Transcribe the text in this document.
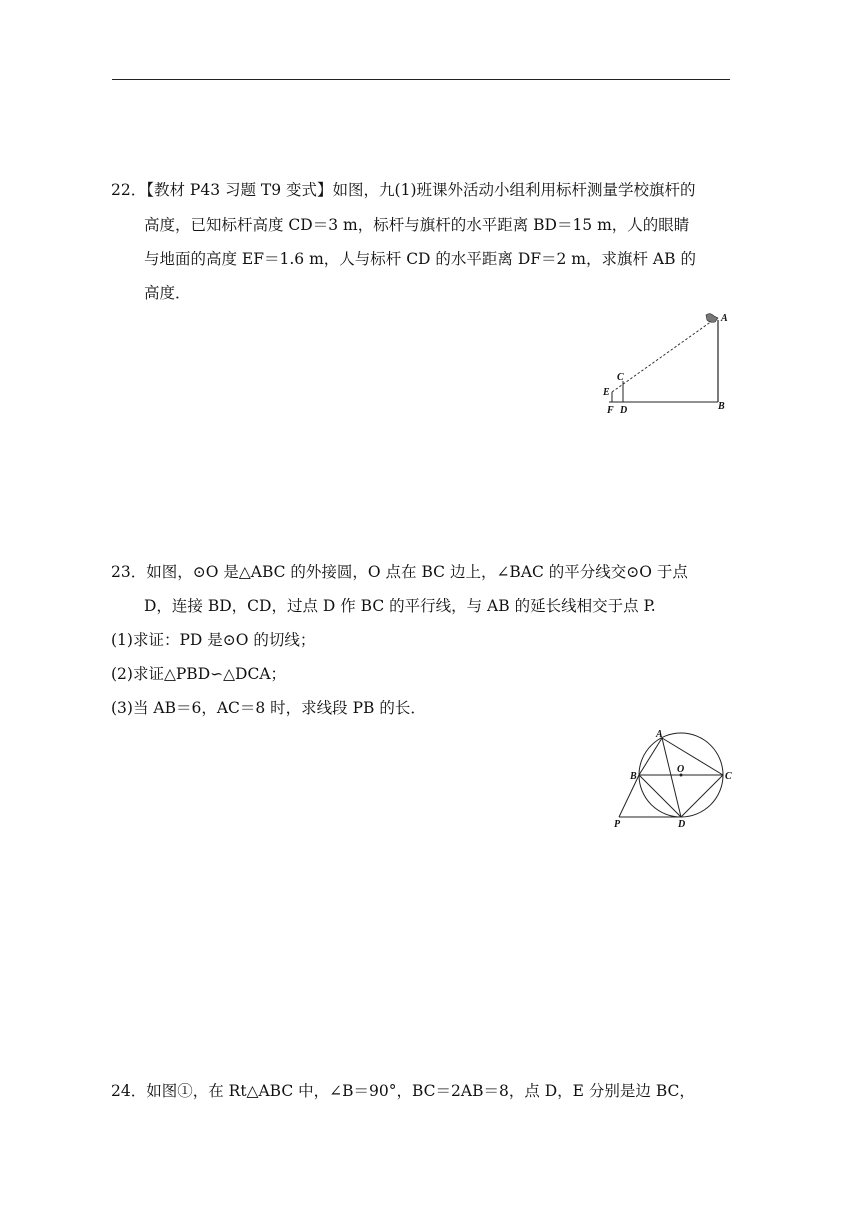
22．【教材 P43 习题 T9 变式】如图，九(1)班课外活动小组利用标杆测量学校旗杆的
高度，已知标杆高度 CD＝3 m，标杆与旗杆的水平距离 BD＝15 m，人的眼睛
与地面的高度 EF＝1.6 m，人与标杆 CD 的水平距离 DF＝2 m，求旗杆 AB 的
高度．
A
C
E
F D	B
23．如图，⊙O 是△ABC 的外接圆，O 点在 BC 边上，∠BAC 的平分线交⊙O 于点
D，连接 BD，CD，过点 D 作 BC 的平行线，与 AB 的延长线相交于点 P.
(1)求证：PD 是⊙O 的切线；
(2)求证△PBD∽△DCA；
(3)当 AB＝6，AC＝8 时，求线段 PB 的长．
A
B
O
C
P	D
24．如图①，在 Rt△ABC 中，∠B＝90°，BC＝2AB＝8，点 D，E 分别是边 BC，
